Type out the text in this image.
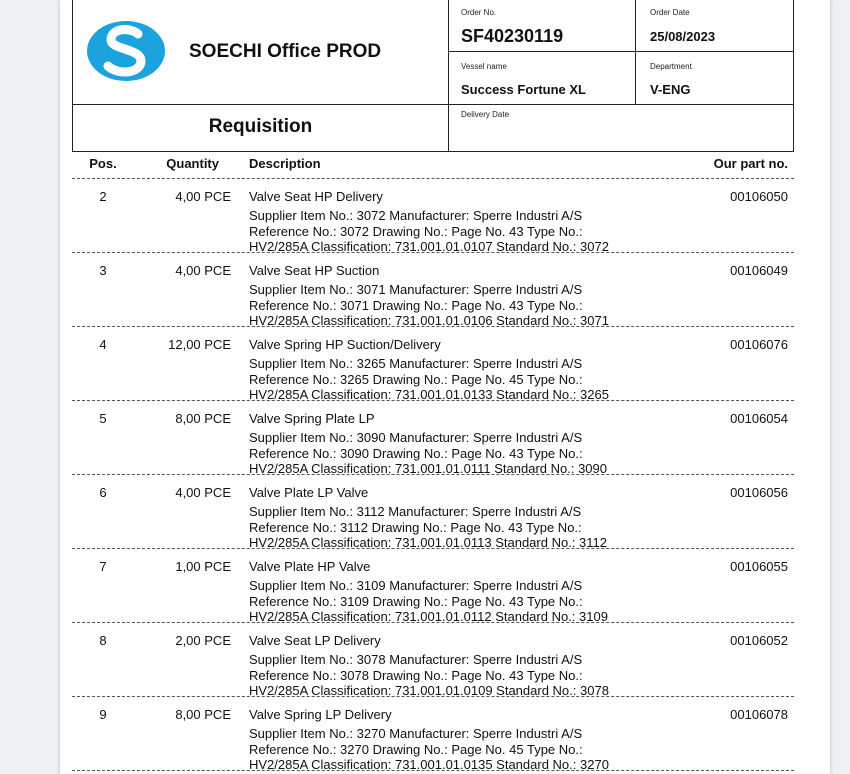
SOECHI Office PROD
Order No.
SF40230119
Order Date
25/08/2023
Vessel name
Success Fortune XL
Department
V-ENG
Delivery Date
Requisition
Pos.	Quantity Description	Our part no.
2	4,00 PCE Valve Seat HP Delivery	00106050
Supplier Item No.: 3072 Manufacturer: Sperre Industri A/S
Reference No.: 3072 Drawing No.: Page No. 43 Type No.:
HV2/285A Classification: 731.001.01.0107 Standard No.: 3072
3	4,00 PCE Valve Seat HP Suction	00106049
Supplier Item No.: 3071 Manufacturer: Sperre Industri A/S
Reference No.: 3071 Drawing No.: Page No. 43 Type No.:
HV2/285A Classification: 731.001.01.0106 Standard No.: 3071
4	12,00 PCE Valve Spring HP Suction/Delivery	00106076
Supplier Item No.: 3265 Manufacturer: Sperre Industri A/S
Reference No.: 3265 Drawing No.: Page No. 45 Type No.:
HV2/285A Classification: 731.001.01.0133 Standard No.: 3265
5	8,00 PCE Valve Spring Plate LP	00106054
Supplier Item No.: 3090 Manufacturer: Sperre Industri A/S
Reference No.: 3090 Drawing No.: Page No. 43 Type No.:
HV2/285A Classification: 731.001.01.0111 Standard No.: 3090
6	4,00 PCE Valve Plate LP Valve	00106056
Supplier Item No.: 3112 Manufacturer: Sperre Industri A/S
Reference No.: 3112 Drawing No.: Page No. 43 Type No.:
HV2/285A Classification: 731.001.01.0113 Standard No.: 3112
7	1,00 PCE Valve Plate HP Valve	00106055
Supplier Item No.: 3109 Manufacturer: Sperre Industri A/S
Reference No.: 3109 Drawing No.: Page No. 43 Type No.:
HV2/285A Classification: 731.001.01.0112 Standard No.: 3109
8	2,00 PCE Valve Seat LP Delivery	00106052
Supplier Item No.: 3078 Manufacturer: Sperre Industri A/S
Reference No.: 3078 Drawing No.: Page No. 43 Type No.:
HV2/285A Classification: 731.001.01.0109 Standard No.: 3078
9	8,00 PCE Valve Spring LP Delivery	00106078
Supplier Item No.: 3270 Manufacturer: Sperre Industri A/S
Reference No.: 3270 Drawing No.: Page No. 45 Type No.:
HV2/285A Classification: 731.001.01.0135 Standard No.: 3270
